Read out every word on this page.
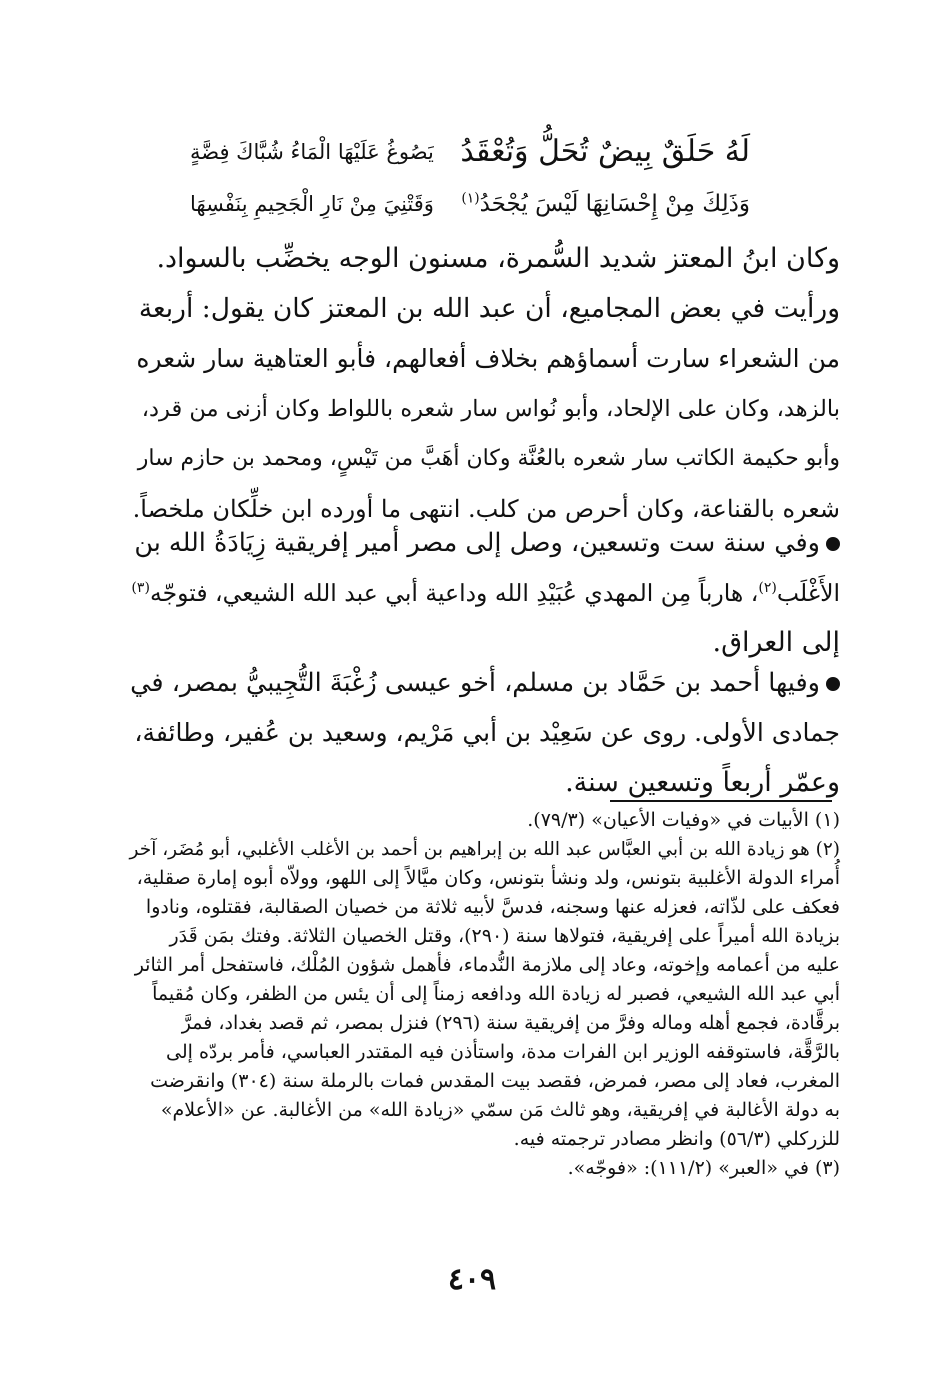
لَهُ حَلَقٌ بِيضٌ تُحَلُّ وَتُعْقَدُ
يَصُوغُ عَلَيْهَا الْمَاءُ شُبَّاكَ فِضَّةٍ
وَذَلِكَ مِنْ إِحْسَانِهَا لَيْسَ يُجْحَدُ$^{(١)}$
وَقَتْنِيَ مِنْ نَارِ الْجَحِيمِ بِنَفْسِهَا
وكان ابنُ المعتز شديد السُّمرة، مسنون الوجه يخضِّب بالسواد.
ورأيت في بعض المجاميع، أن عبد الله بن المعتز كان يقول: أربعة
من الشعراء سارت أسماؤهم بخلاف أفعالهم، فأبو العتاهية سار شعره
بالزهد، وكان على الإلحاد، وأبو نُواس سار شعره باللواط وكان أزنى من قرد،
وأبو حكيمة الكاتب سار شعره بالعُنَّة وكان أهَبَّ من تَيْسٍ، ومحمد بن حازم سار
شعره بالقناعة، وكان أحرص من كلب. انتهى ما أورده ابن خلِّكان ملخصاً.
وفي سنة ست وتسعين، وصل إلى مصر أمير إفريقية زِيَادَةُ الله بن
الأَغْلَب$^{(٢)}$، هارباً مِن المهدي عُبَيْدِ الله وداعية أبي عبد الله الشيعي، فتوجّه$^{(٣)}$
إلى العراق.
وفيها أحمد بن حَمَّاد بن مسلم، أخو عيسى زُغْبَةَ التُّجِيبيُّ بمصر، في
جمادى الأولى. روى عن سَعِيْد بن أبي مَرْيم، وسعيد بن عُفير، وطائفة،
وعمّر أربعاً وتسعين سنة.
(١) الأبيات في «وفيات الأعيان» (٧٩/٣).
(٢) هو زيادة الله بن أبي العبَّاس عبد الله بن إبراهيم بن أحمد بن الأغلب الأغلبي، أبو مُضَر، آخر
أُمراء الدولة الأغلبية بتونس، ولد ونشأ بتونس، وكان ميَّالاً إلى اللهو، وولاّه أبوه إمارة صقلية،
فعكف على لذّاته، فعزله عنها وسجنه، فدسَّ لأبيه ثلاثة من خصيان الصقالبة، فقتلوه، ونادوا
بزيادة الله أميراً على إفريقية، فتولاها سنة (٢٩٠)، وقتل الخصيان الثلاثة. وفتك بمَن قَدَر
عليه من أعمامه وإخوته، وعاد إلى ملازمة النُّدماء، فأهمل شؤون المُلْك، فاستفحل أمر الثائر
أبي عبد الله الشيعي، فصبر له زيادة الله ودافعه زمناً إلى أن يئس من الظفر، وكان مُقيماً
برقَّادة، فجمع أهله وماله وفرَّ من إفريقية سنة (٢٩٦) فنزل بمصر، ثم قصد بغداد، فمرَّ
بالرَّقَّة، فاستوقفه الوزير ابن الفرات مدة، واستأذن فيه المقتدر العباسي، فأمر بردّه إلى
المغرب، فعاد إلى مصر، فمرض، فقصد بيت المقدس فمات بالرملة سنة (٣٠٤) وانقرضت
به دولة الأغالبة في إفريقية، وهو ثالث مَن سمّي «زيادة الله» من الأغالبة. عن «الأعلام»
للزركلي (٥٦/٣) وانظر مصادر ترجمته فيه.
(٣) في «العبر» (١١١/٢): «فوجّه».
٤٠٩
